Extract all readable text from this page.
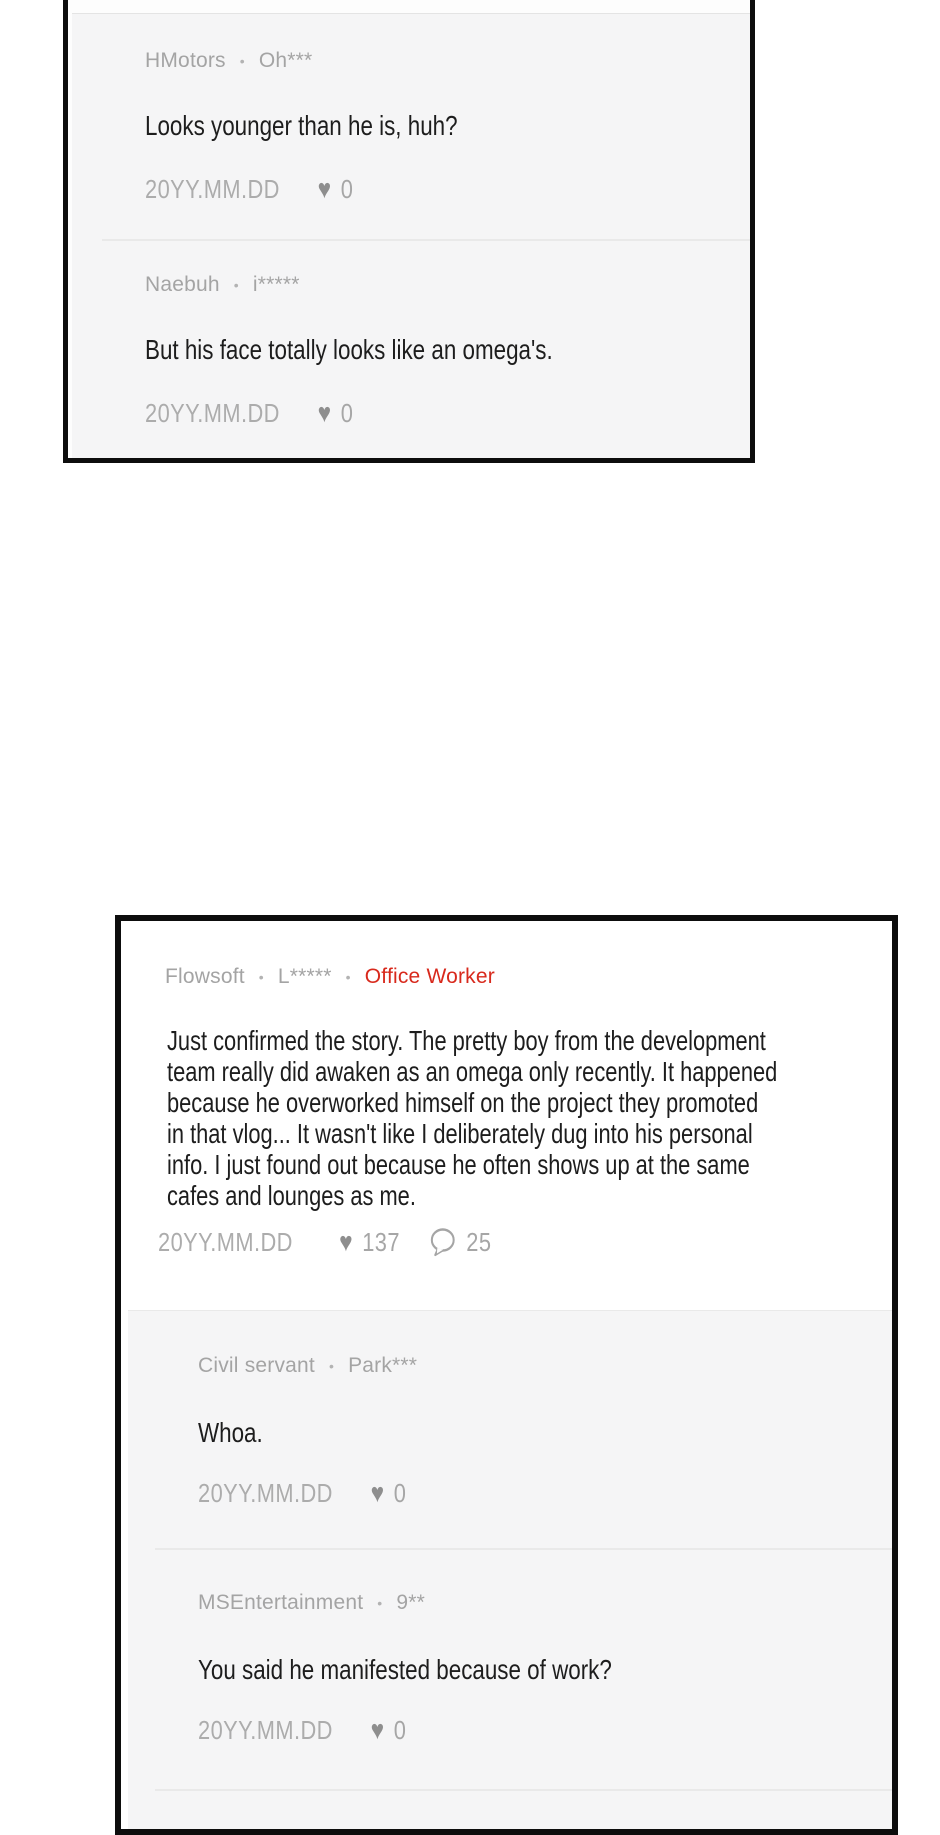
HMotors • Oh***
Looks younger than he is, huh?
20YY.MM.DD ♥ 0
Naebuh • i*****
But his face totally looks like an omega's.
20YY.MM.DD ♥ 0
Flowsoft • L***** • Office Worker
Just confirmed the story. The pretty boy from the development
team really did awaken as an omega only recently. It happened
because he overworked himself on the project they promoted
in that vlog... It wasn't like I deliberately dug into his personal
info. I just found out because he often shows up at the same
cafes and lounges as me.
20YY.MM.DD ♥ 137	25
Civil servant • Park***
Whoa.
20YY.MM.DD ♥ 0
MSEntertainment • 9**
You said he manifested because of work?
20YY.MM.DD ♥ 0
